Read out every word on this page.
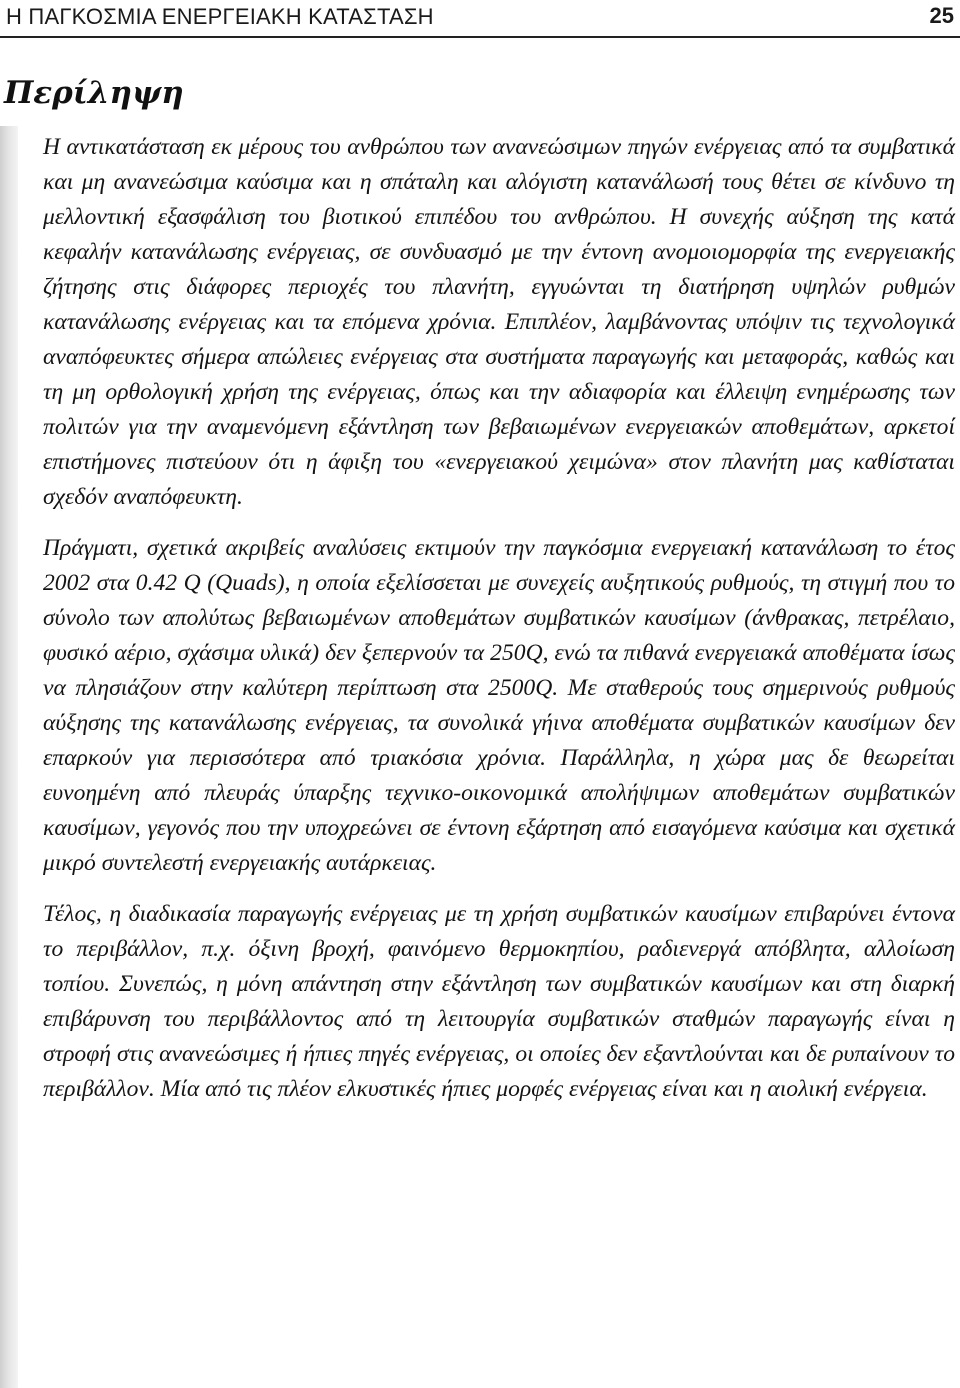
Η ΠΑΓΚΟΣΜΙΑ ΕΝΕΡΓΕΙΑΚΗ ΚΑΤΑΣΤΑΣΗ	25
Περίληψη

Η αντικατάσταση εκ μέρους του ανθρώπου των ανανεώσιμων πηγών ενέργειας από τα συμβατικά και μη ανανεώσιμα καύσιμα και η σπάταλη και αλόγιστη κατανάλωσή τους θέτει σε κίνδυνο τη μελλοντική εξασφάλιση του βιοτικού επιπέδου του ανθρώπου. Η συνεχής αύξηση της κατά κεφαλήν κατανάλωσης ενέργειας, σε συνδυασμό με την έντονη ανομοιομορφία της ενεργειακής ζήτησης στις διάφορες περιοχές του πλανήτη, εγγυώνται τη διατήρηση υψηλών ρυθμών κατανάλωσης ενέργειας και τα επόμενα χρόνια. Επιπλέον, λαμβάνοντας υπόψιν τις τεχνολογικά αναπόφευκτες σήμερα απώλειες ενέργειας στα συστήματα παραγωγής και μεταφοράς, καθώς και τη μη ορθολογική χρήση της ενέργειας, όπως και την αδιαφορία και έλλειψη ενημέρωσης των πολιτών για την αναμενόμενη εξάντληση των βεβαιωμένων ενεργειακών αποθεμάτων, αρκετοί επιστήμονες πιστεύουν ότι η άφιξη του «ενεργειακού χειμώνα» στον πλανήτη μας καθίσταται σχεδόν αναπόφευκτη.

Πράγματι, σχετικά ακριβείς αναλύσεις εκτιμούν την παγκόσμια ενεργειακή κατανάλωση το έτος 2002 στα 0.42 Q (Quads), η οποία εξελίσσεται με συνεχείς αυξητικούς ρυθμούς, τη στιγμή που το σύνολο των απολύτως βεβαιωμένων αποθεμάτων συμβατικών καυσίμων (άνθρακας, πετρέλαιο, φυσικό αέριο, σχάσιμα υλικά) δεν ξεπερνούν τα 250Q, ενώ τα πιθανά ενεργειακά αποθέματα ίσως να πλησιάζουν στην καλύτερη περίπτωση στα 2500Q. Με σταθερούς τους σημερινούς ρυθμούς αύξησης της κατανάλωσης ενέργειας, τα συνολικά γήινα αποθέματα συμβατικών καυσίμων δεν επαρκούν για περισσότερα από τριακόσια χρόνια. Παράλληλα, η χώρα μας δε θεωρείται ευνοημένη από πλευράς ύπαρξης τεχνικο-οικονομικά απολήψιμων αποθεμάτων συμβατικών καυσίμων, γεγονός που την υποχρεώνει σε έντονη εξάρτηση από εισαγόμενα καύσιμα και σχετικά μικρό συντελεστή ενεργειακής αυτάρκειας.

Τέλος, η διαδικασία παραγωγής ενέργειας με τη χρήση συμβατικών καυσίμων επιβαρύνει έντονα το περιβάλλον, π.χ. όξινη βροχή, φαινόμενο θερμοκηπίου, ραδιενεργά απόβλητα, αλλοίωση τοπίου. Συνεπώς, η μόνη απάντηση στην εξάντληση των συμβατικών καυσίμων και στη διαρκή επιβάρυνση του περιβάλλοντος από τη λειτουργία συμβατικών σταθμών παραγωγής είναι η στροφή στις ανανεώσιμες ή ήπιες πηγές ενέργειας, οι οποίες δεν εξαντλούνται και δε ρυπαίνουν το περιβάλλον. Μία από τις πλέον ελκυστικές ήπιες μορφές ενέργειας είναι και η αιολική ενέργεια.
